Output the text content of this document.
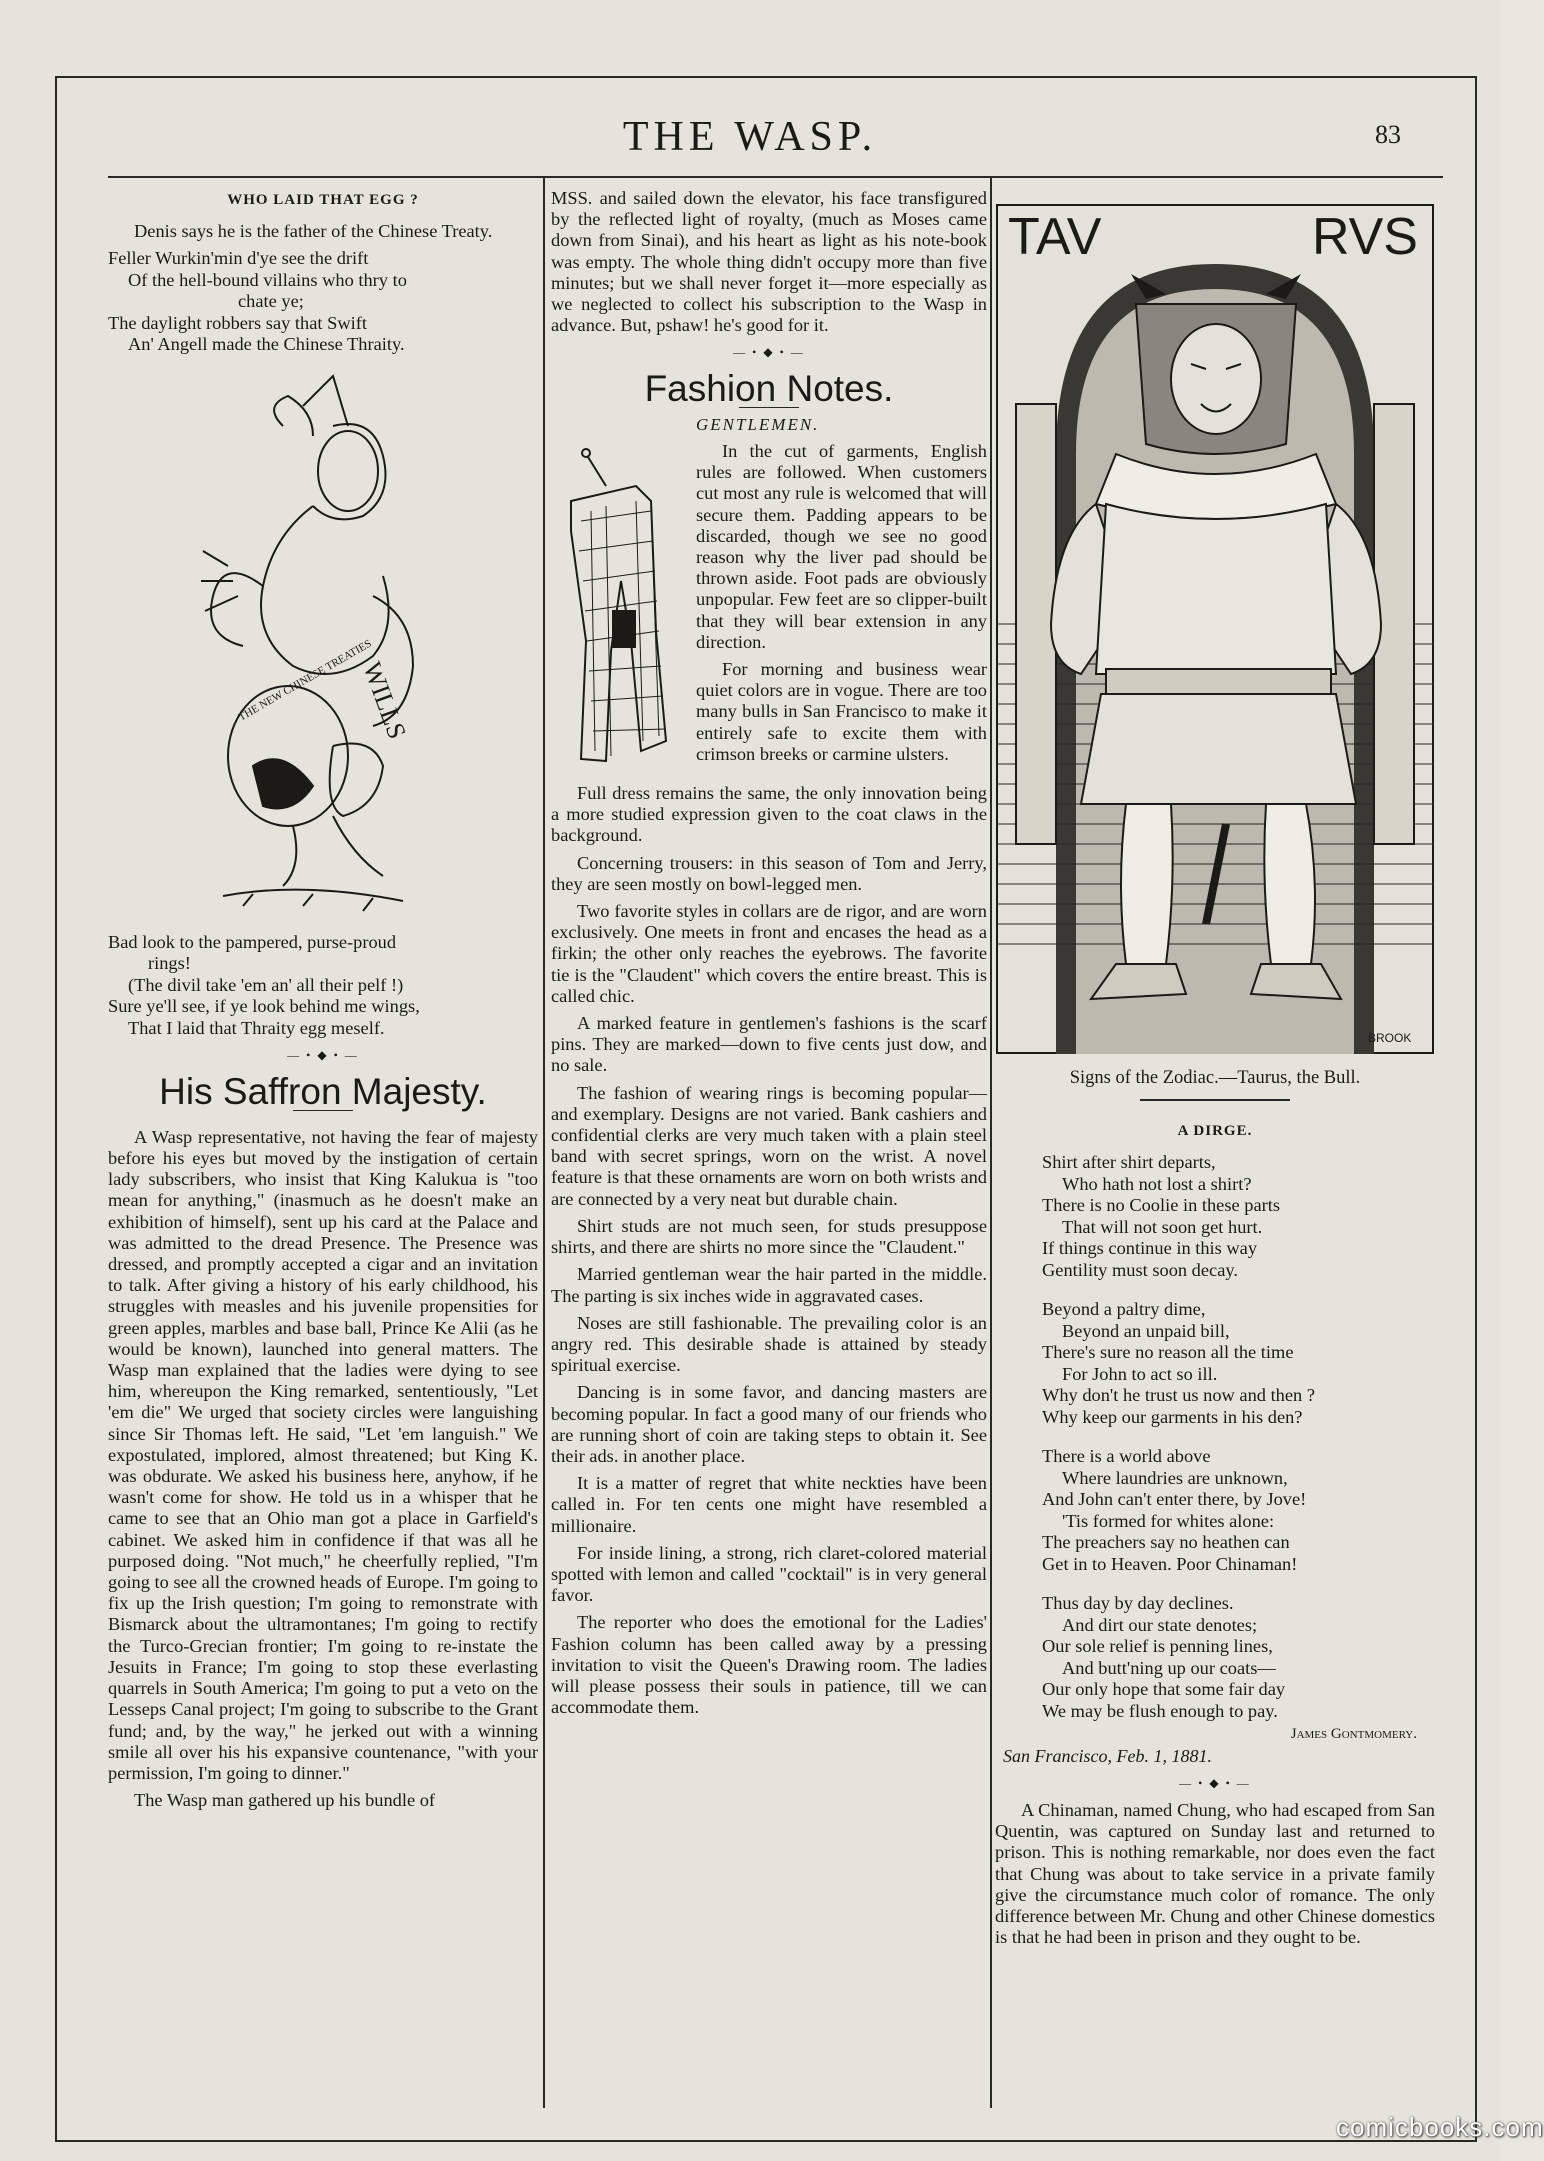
THE WASP.	83
WHO LAID THAT EGG ?

Denis says he is the father of the Chinese Treaty.

Feller Wurkin'min d'ye see the drift
Of the hell-bound villains who thry to
chate ye;
The daylight robbers say that Swift
An' Angell made the Chinese Thraity.
WILLS
THE NEW CHINESE TREATIES
Bad look to the pampered, purse-proud
rings!
(The divil take 'em an' all their pelf !)
Sure ye'll see, if ye look behind me wings,
That I laid that Thraity egg meself.
— • ◆ • —
His Saffron Majesty.

A Wasp representative, not having the fear of majesty before his eyes but moved by the instigation of certain lady subscribers, who insist that King Kalukua is "too mean for anything," (inasmuch as he doesn't make an exhibition of himself), sent up his card at the Palace and was admitted to the dread Presence. The Presence was dressed, and promptly accepted a cigar and an invitation to talk. After giving a history of his early childhood, his struggles with measles and his juvenile propensities for green apples, marbles and base ball, Prince Ke Alii (as he would be known), launched into general matters. The Wasp man explained that the ladies were dying to see him, whereupon the King remarked, sententiously, "Let 'em die" We urged that society circles were languishing since Sir Thomas left. He said, "Let 'em languish." We expostulated, implored, almost threatened; but King K. was obdurate. We asked his business here, anyhow, if he wasn't come for show. He told us in a whisper that he came to see that an Ohio man got a place in Garfield's cabinet. We asked him in confidence if that was all he purposed doing. "Not much," he cheerfully replied, "I'm going to see all the crowned heads of Europe. I'm going to fix up the Irish question; I'm going to remonstrate with Bismarck about the ultramontanes; I'm going to rectify the Turco-Grecian frontier; I'm going to re-instate the Jesuits in France; I'm going to stop these everlasting quarrels in South America; I'm going to put a veto on the Lesseps Canal project; I'm going to subscribe to the Grant fund; and, by the way," he jerked out with a winning smile all over his his expansive countenance, "with your permission, I'm going to dinner."

The Wasp man gathered up his bundle of

MSS. and sailed down the elevator, his face transfigured by the reflected light of royalty, (much as Moses came down from Sinai), and his heart as light as his note-book was empty. The whole thing didn't occupy more than five minutes; but we shall never forget it—more especially as we neglected to collect his subscription to the Wasp in advance. But, pshaw! he's good for it.

— • ◆ • —
Fashion Notes.
GENTLEMEN.

In the cut of garments, English rules are followed. When customers cut most any rule is welcomed that will secure them. Padding appears to be discarded, though we see no good reason why the liver pad should be thrown aside. Foot pads are obviously unpopular. Few feet are so clipper-built that they will bear extension in any direction.

For morning and business wear quiet colors are in vogue. There are too many bulls in San Francisco to make it entirely safe to excite them with crimson breeks or carmine ulsters.

Full dress remains the same, the only innovation being a more studied expression given to the coat claws in the background.

Concerning trousers: in this season of Tom and Jerry, they are seen mostly on bowl-legged men.

Two favorite styles in collars are de rigor, and are worn exclusively. One meets in front and encases the head as a firkin; the other only reaches the eyebrows. The favorite tie is the "Claudent" which covers the entire breast. This is called chic.

A marked feature in gentlemen's fashions is the scarf pins. They are marked—down to five cents just dow, and no sale.

The fashion of wearing rings is becoming popular—and exemplary. Designs are not varied. Bank cashiers and confidential clerks are very much taken with a plain steel band with secret springs, worn on the wrist. A novel feature is that these ornaments are worn on both wrists and are connected by a very neat but durable chain.

Shirt studs are not much seen, for studs presuppose shirts, and there are shirts no more since the "Claudent."

Married gentleman wear the hair parted in the middle. The parting is six inches wide in aggravated cases.

Noses are still fashionable. The prevailing color is an angry red. This desirable shade is attained by steady spiritual exercise.

Dancing is in some favor, and dancing masters are becoming popular. In fact a good many of our friends who are running short of coin are taking steps to obtain it. See their ads. in another place.

It is a matter of regret that white neckties have been called in. For ten cents one might have resembled a millionaire.

For inside lining, a strong, rich claret-colored material spotted with lemon and called "cocktail" is in very general favor.

The reporter who does the emotional for the Ladies' Fashion column has been called away by a pressing invitation to visit the Queen's Drawing room. The ladies will please possess their souls in patience, till we can accommodate them.

TAV	RVS
BROOK
Signs of the Zodiac.—Taurus, the Bull.
A DIRGE.
Shirt after shirt departs,
Who hath not lost a shirt?
There is no Coolie in these parts
That will not soon get hurt.
If things continue in this way
Gentility must soon decay.
Beyond a paltry dime,
Beyond an unpaid bill,
There's sure no reason all the time
For John to act so ill.
Why don't he trust us now and then ?
Why keep our garments in his den?
There is a world above
Where laundries are unknown,
And John can't enter there, by Jove!
'Tis formed for whites alone:
The preachers say no heathen can
Get in to Heaven. Poor Chinaman!
Thus day by day declines.
And dirt our state denotes;
Our sole relief is penning lines,
And butt'ning up our coats—
Our only hope that some fair day
We may be flush enough to pay.
James Gontmomery.
San Francisco, Feb. 1, 1881.
— • ◆ • —

A Chinaman, named Chung, who had escaped from San Quentin, was captured on Sunday last and returned to prison. This is nothing remarkable, nor does even the fact that Chung was about to take service in a private family give the circumstance much color of romance. The only difference between Mr. Chung and other Chinese domestics is that he had been in prison and they ought to be.

comicbooks.com
